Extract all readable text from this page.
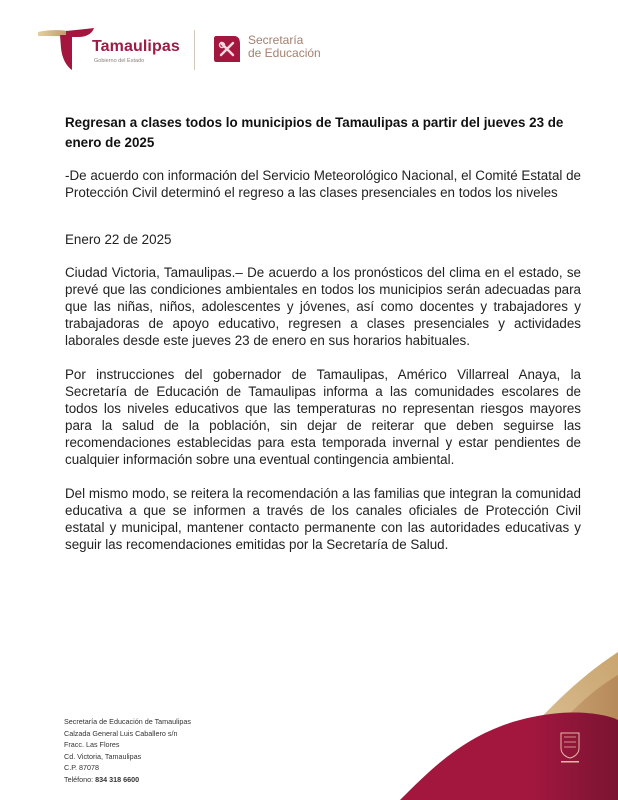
Tamaulipas
Gobierno del Estado
Secretaría
de Educación
Regresan a clases todos lo municipios de Tamaulipas a partir del jueves 23 de enero de 2025

-De acuerdo con información del Servicio Meteorológico Nacional, el Comité Estatal de Protección Civil determinó el regreso a las clases presenciales en todos los niveles

Enero 22 de 2025

Ciudad Victoria, Tamaulipas.– De acuerdo a los pronósticos del clima en el estado, se prevé que las condiciones ambientales en todos los municipios serán adecuadas para que las niñas, niños, adolescentes y jóvenes, así como docentes y trabajadores y trabajadoras de apoyo educativo, regresen a clases presenciales y actividades laborales desde este jueves 23 de enero en sus horarios habituales.

Por instrucciones del gobernador de Tamaulipas, Américo Villarreal Anaya, la Secretaría de Educación de Tamaulipas informa a las comunidades escolares de todos los niveles educativos que las temperaturas no representan riesgos mayores para la salud de la población, sin dejar de reiterar que deben seguirse las recomendaciones establecidas para esta temporada invernal y estar pendientes de cualquier información sobre una eventual contingencia ambiental.

Del mismo modo, se reitera la recomendación a las familias que integran la comunidad educativa a que se informen a través de los canales oficiales de Protección Civil estatal y municipal, mantener contacto permanente con las autoridades educativas y seguir las recomendaciones emitidas por la Secretaría de Salud.

Secretaría de Educación de Tamaulipas
Calzada General Luis Caballero s/n
Fracc. Las Flores
Cd. Victoria, Tamaulipas
C.P. 87078
Teléfono: 834 318 6600
